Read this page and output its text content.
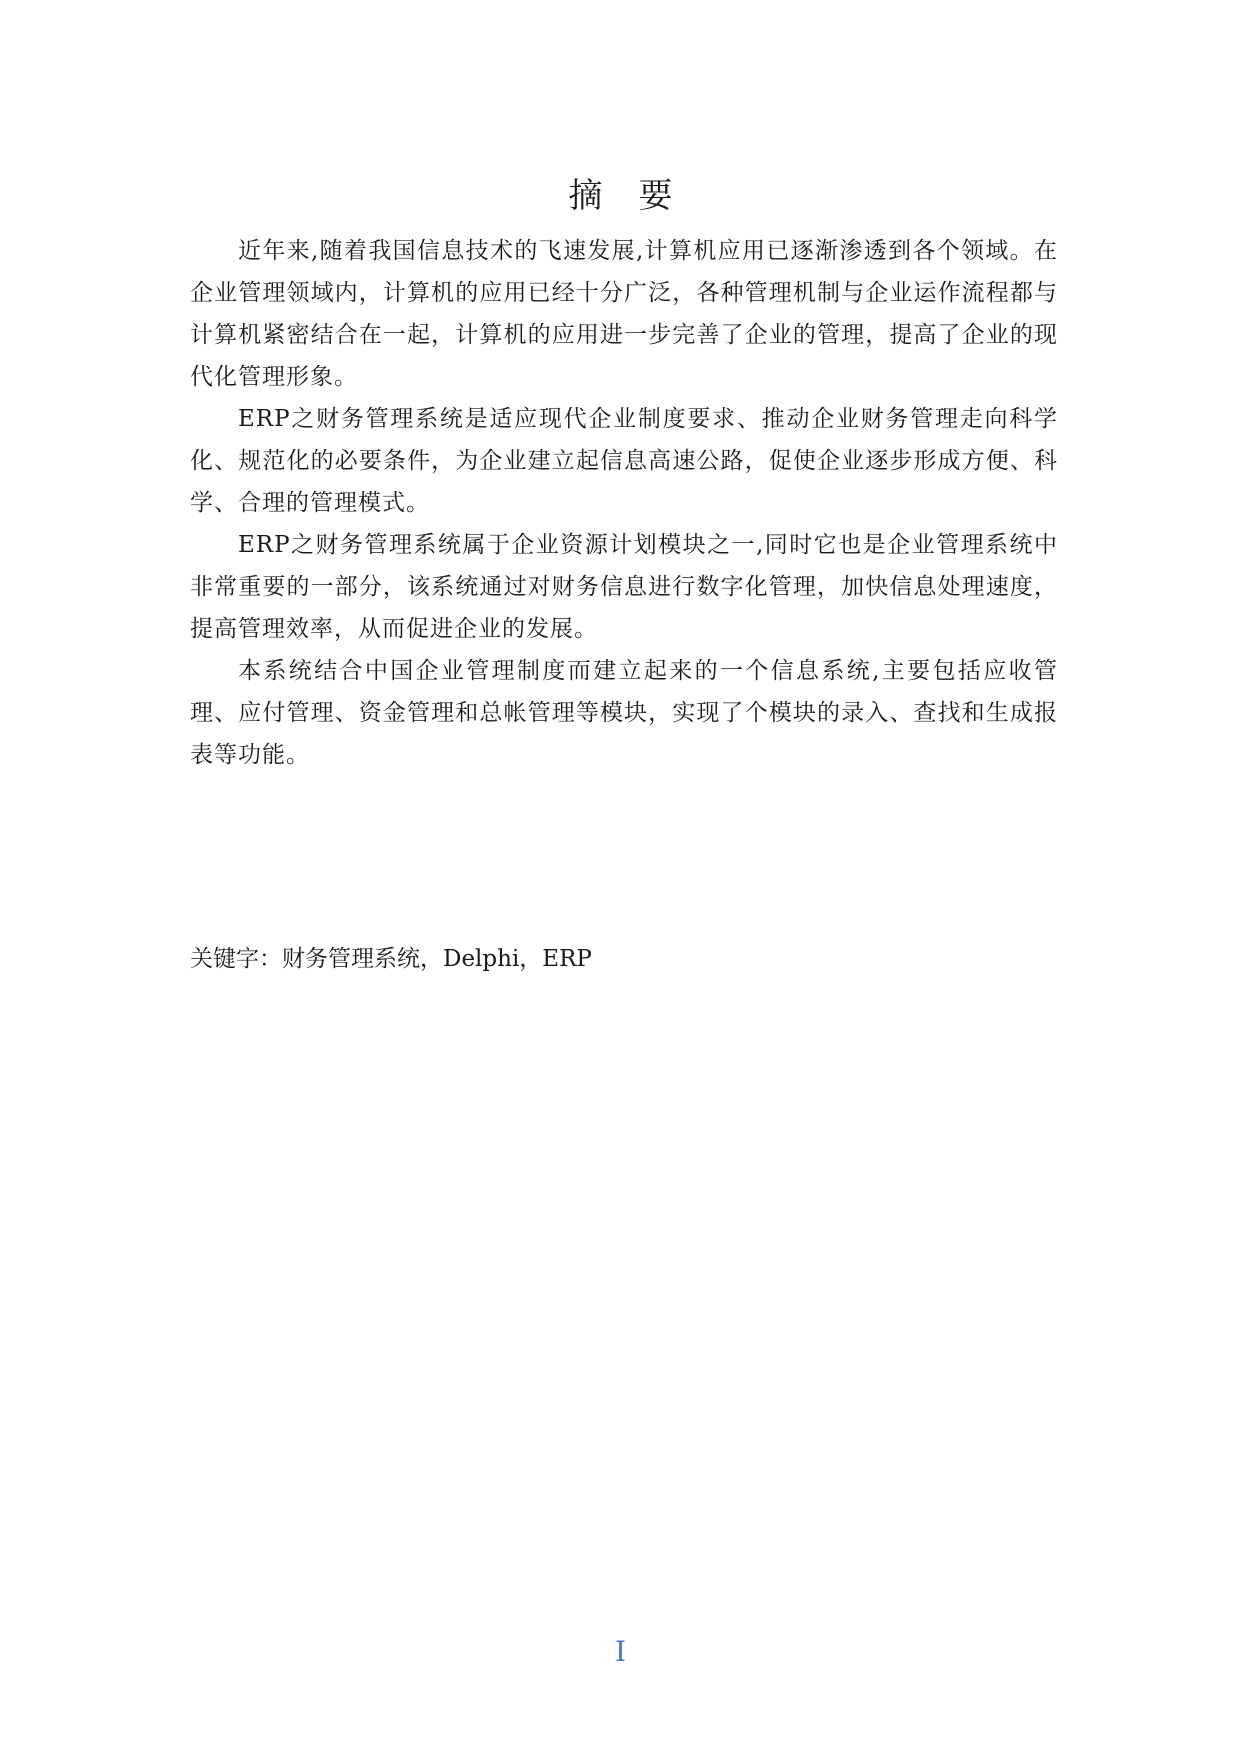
摘要

近年来,随着我国信息技术的飞速发展,计算机应用已逐渐渗透到各个领域。在企业管理领域内，计算机的应用已经十分广泛，各种管理机制与企业运作流程都与计算机紧密结合在一起，计算机的应用进一步完善了企业的管理，提高了企业的现代化管理形象。

ERP之财务管理系统是适应现代企业制度要求、推动企业财务管理走向科学化、规范化的必要条件，为企业建立起信息高速公路，促使企业逐步形成方便、科学、合理的管理模式。

ERP之财务管理系统属于企业资源计划模块之一,同时它也是企业管理系统中非常重要的一部分，该系统通过对财务信息进行数字化管理，加快信息处理速度，提高管理效率，从而促进企业的发展。

本系统结合中国企业管理制度而建立起来的一个信息系统,主要包括应收管理、应付管理、资金管理和总帐管理等模块，实现了个模块的录入、查找和生成报表等功能。

关键字：财务管理系统，Delphi，ERP

I
